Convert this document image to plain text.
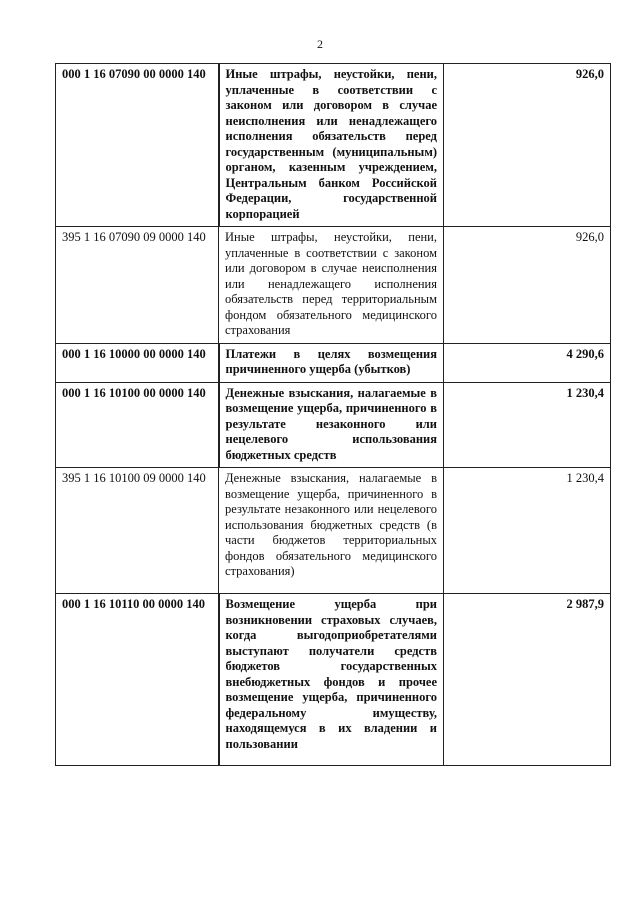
2
000 1 16 07090 00 0000 140	Иные штрафы, неустойки, пени, уплаченные в соответствии с законом или договором в случае неисполнения или ненадлежащего исполнения обязательств перед государственным (муниципальным) органом, казенным учреждением, Центральным банком Российской Федерации, государственной корпорацией	926,0
395 1 16 07090 09 0000 140	Иные штрафы, неустойки, пени, уплаченные в соответствии с законом или договором в случае неисполнения или ненадлежащего исполнения обязательств перед территориальным фондом обязательного медицинского страхования	926,0
000 1 16 10000 00 0000 140	Платежи в целях возмещения причиненного ущерба (убытков)	4 290,6
000 1 16 10100 00 0000 140	Денежные взыскания, налагаемые в возмещение ущерба, причиненного в результате незаконного или нецелевого использования бюджетных средств	1 230,4
395 1 16 10100 09 0000 140	Денежные взыскания, налагаемые в возмещение ущерба, причиненного в результате незаконного или нецелевого использования бюджетных средств (в части бюджетов территориальных фондов обязательного медицинского страхования)	1 230,4
000 1 16 10110 00 0000 140	Возмещение ущерба при возникновении страховых случаев, когда выгодоприобретателями выступают получатели средств бюджетов государственных внебюджетных фондов и прочее возмещение ущерба, причиненного федеральному имуществу, находящемуся в их владении и пользовании	2 987,9
